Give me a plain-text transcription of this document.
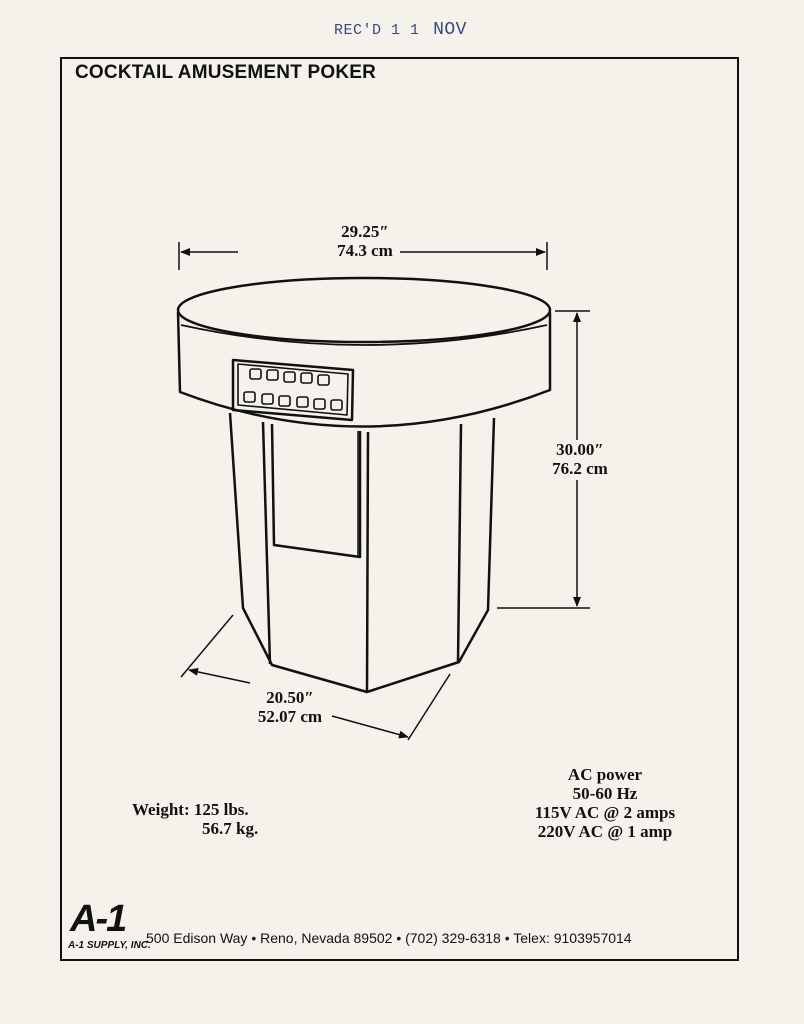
REC'D 1 1 NOV
COCKTAIL AMUSEMENT POKER
29.25″
74.3 cm
30.00″
76.2 cm
20.50″
52.07 cm
Weight: 125 lbs.
56.7 kg.
AC power
50-60 Hz
115V AC @ 2 amps
220V AC @ 1 amp
A-1
A-1 SUPPLY, INC.
500 Edison Way • Reno, Nevada 89502 • (702) 329-6318 • Telex: 9103957014
